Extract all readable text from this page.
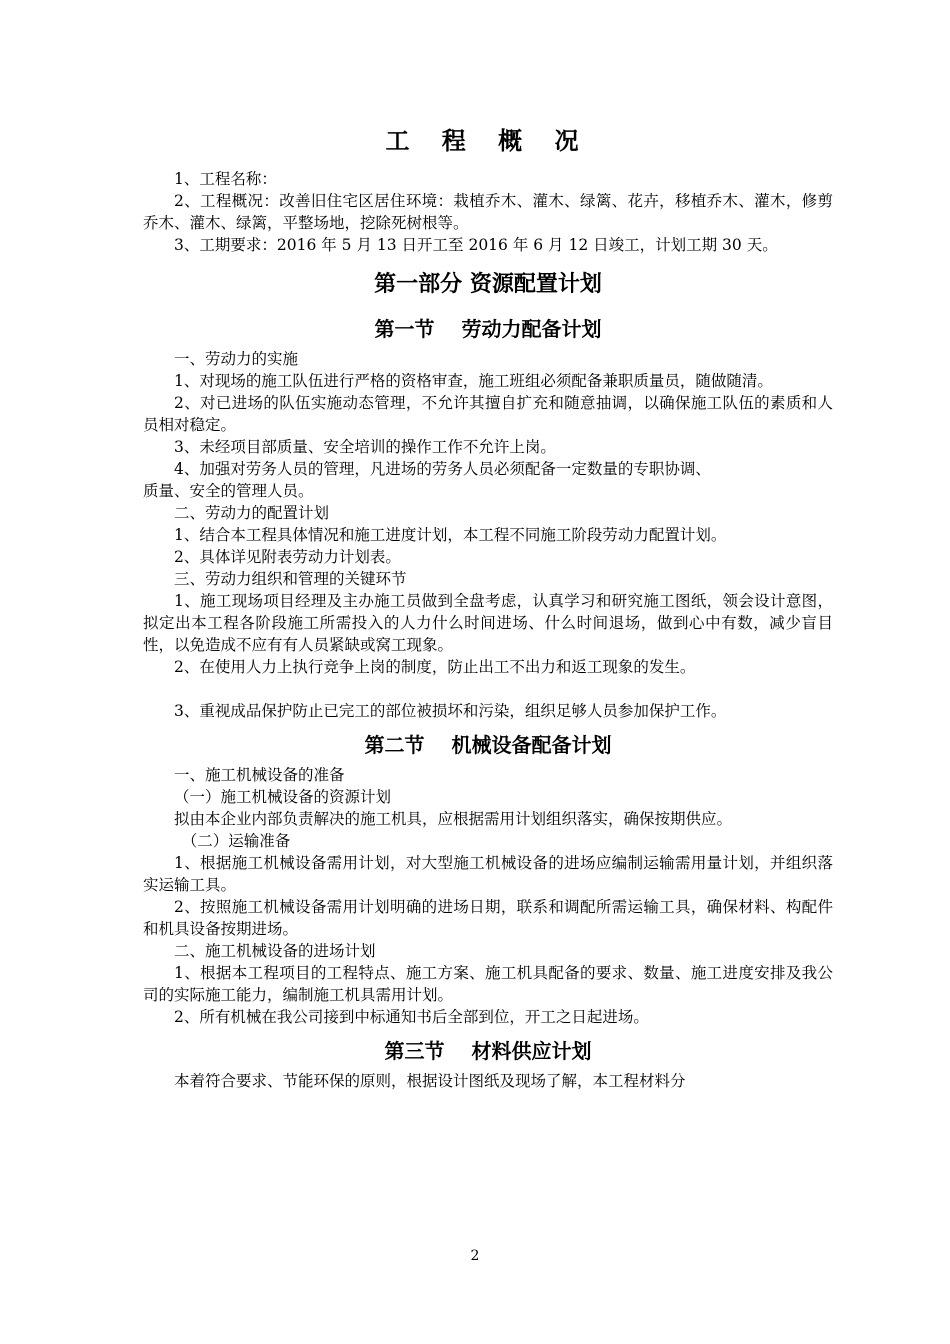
工 程 概 况

1、工程名称：

2、工程概况：改善旧住宅区居住环境：栽植乔木、灌木、绿篱、花卉，移植乔木、灌木，修剪乔木、灌木、绿篱，平整场地，挖除死树根等。

3、工期要求：2016 年 5 月 13 日开工至 2016 年 6 月 12 日竣工，计划工期 30 天。

第一部分 资源配置计划
第一节　 劳动力配备计划

一、劳动力的实施

1、对现场的施工队伍进行严格的资格审查，施工班组必须配备兼职质量员，随做随清。

2、对已进场的队伍实施动态管理，不允许其擅自扩充和随意抽调，以确保施工队伍的素质和人员相对稳定。

3、未经项目部质量、安全培训的操作工作不允许上岗。

4、加强对劳务人员的管理，凡进场的劳务人员必须配备一定数量的专职协调、

质量、安全的管理人员。

二、劳动力的配置计划

1、结合本工程具体情况和施工进度计划，本工程不同施工阶段劳动力配置计划。

2、具体详见附表劳动力计划表。

三、劳动力组织和管理的关键环节

1、施工现场项目经理及主办施工员做到全盘考虑，认真学习和研究施工图纸，领会设计意图，拟定出本工程各阶段施工所需投入的人力什么时间进场、什么时间退场，做到心中有数，减少盲目性，以免造成不应有有人员紧缺或窝工现象。

2、在使用人力上执行竞争上岗的制度，防止出工不出力和返工现象的发生。

3、重视成品保护防止已完工的部位被损坏和污染，组织足够人员参加保护工作。

第二节　 机械设备配备计划

一、施工机械设备的准备

（一）施工机械设备的资源计划

拟由本企业内部负责解决的施工机具，应根据需用计划组织落实，确保按期供应。

（二）运输准备

1、根据施工机械设备需用计划，对大型施工机械设备的进场应编制运输需用量计划，并组织落实运输工具。

2、按照施工机械设备需用计划明确的进场日期，联系和调配所需运输工具，确保材料、构配件和机具设备按期进场。

二、施工机械设备的进场计划

1、根据本工程项目的工程特点、施工方案、施工机具配备的要求、数量、施工进度安排及我公司的实际施工能力，编制施工机具需用计划。

2、所有机械在我公司接到中标通知书后全部到位，开工之日起进场。

第三节　 材料供应计划

本着符合要求、节能环保的原则，根据设计图纸及现场了解，本工程材料分

2
